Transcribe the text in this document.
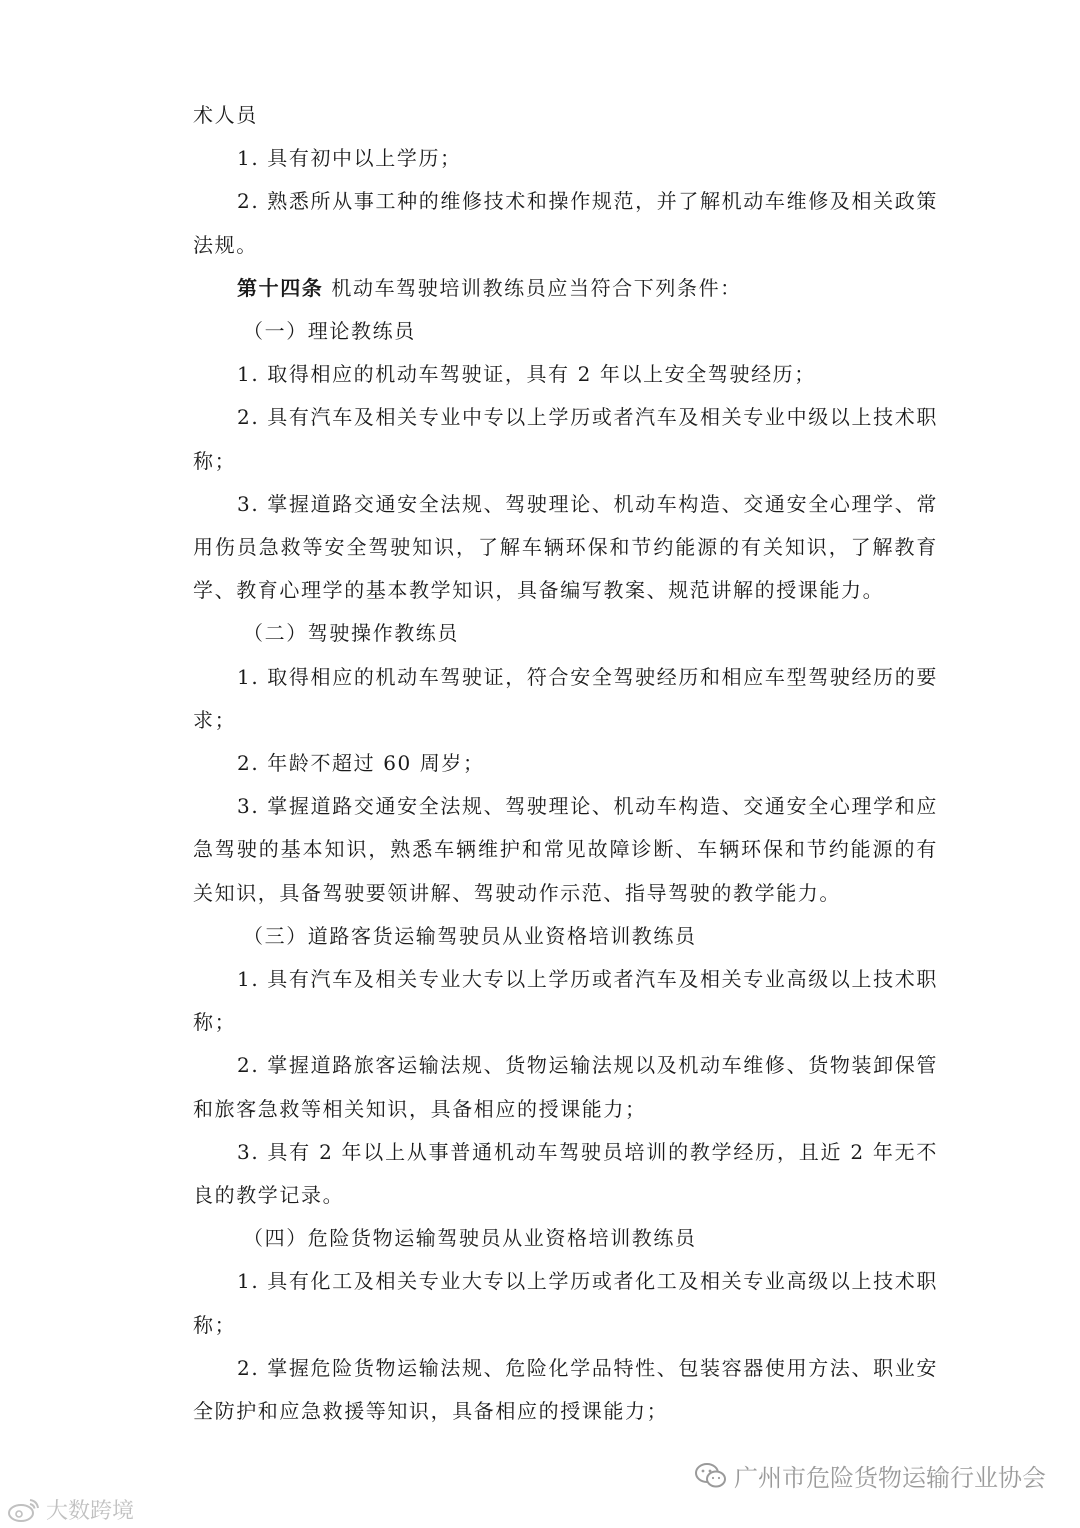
术人员

1. 具有初中以上学历；

2. 熟悉所从事工种的维修技术和操作规范，并了解机动车维修及相关政策法规。

第十四条 机动车驾驶培训教练员应当符合下列条件：

（一）理论教练员

1. 取得相应的机动车驾驶证，具有 2 年以上安全驾驶经历；

2. 具有汽车及相关专业中专以上学历或者汽车及相关专业中级以上技术职称；

3. 掌握道路交通安全法规、驾驶理论、机动车构造、交通安全心理学、常用伤员急救等安全驾驶知识，了解车辆环保和节约能源的有关知识，了解教育学、教育心理学的基本教学知识，具备编写教案、规范讲解的授课能力。

（二）驾驶操作教练员

1. 取得相应的机动车驾驶证，符合安全驾驶经历和相应车型驾驶经历的要求；

2. 年龄不超过 60 周岁；

3. 掌握道路交通安全法规、驾驶理论、机动车构造、交通安全心理学和应急驾驶的基本知识，熟悉车辆维护和常见故障诊断、车辆环保和节约能源的有关知识，具备驾驶要领讲解、驾驶动作示范、指导驾驶的教学能力。

（三）道路客货运输驾驶员从业资格培训教练员

1. 具有汽车及相关专业大专以上学历或者汽车及相关专业高级以上技术职称；

2. 掌握道路旅客运输法规、货物运输法规以及机动车维修、货物装卸保管和旅客急救等相关知识，具备相应的授课能力；

3. 具有 2 年以上从事普通机动车驾驶员培训的教学经历，且近 2 年无不良的教学记录。

（四）危险货物运输驾驶员从业资格培训教练员

1. 具有化工及相关专业大专以上学历或者化工及相关专业高级以上技术职称；

2. 掌握危险货物运输法规、危险化学品特性、包装容器使用方法、职业安全防护和应急救援等知识，具备相应的授课能力；

广州市危险货物运输行业协会
大数跨境
